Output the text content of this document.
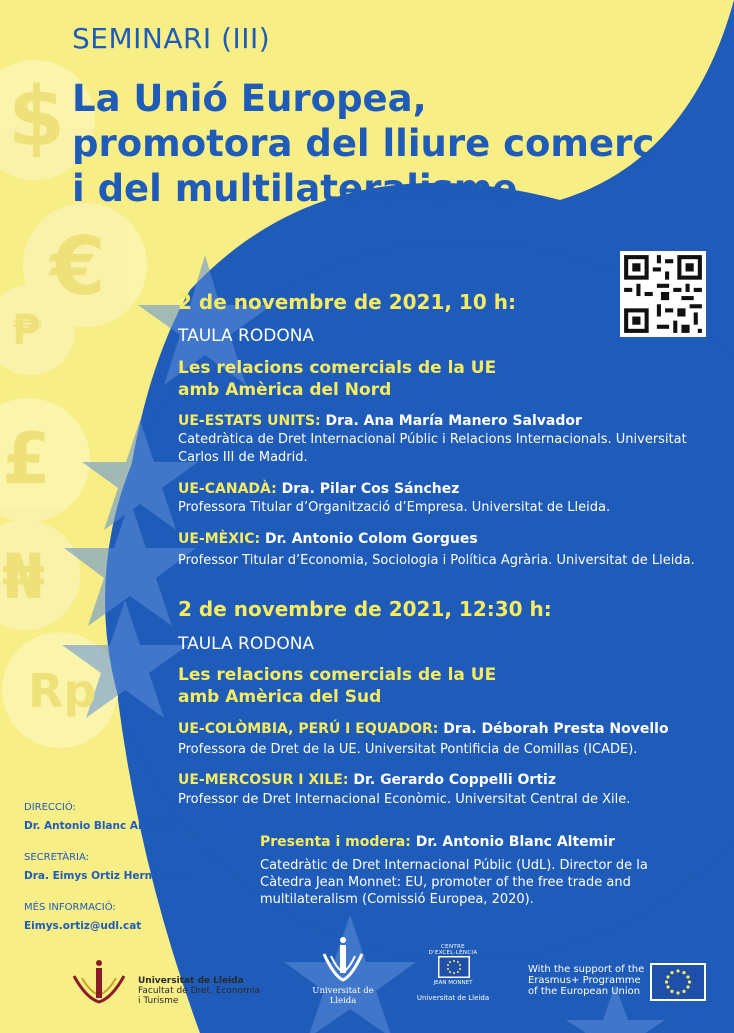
$
€
₱
£
₦
Rp
SEMINARI (III)
La Unió Europea,
promotora del lliure comerç
i del multilateralisme
2 de novembre de 2021, 10 h:
TAULA RODONA
Les relacions comercials de la UE
amb Amèrica del Nord
UE-ESTATS UNITS: Dra. Ana María Manero Salvador
Catedràtica de Dret Internacional Públic i Relacions Internacionals. Universitat Carlos III de Madrid.
UE-CANADÀ: Dra. Pilar Cos Sánchez
Professora Titular d’Organització d’Empresa. Universitat de Lleida.
UE-MÈXIC: Dr. Antonio Colom Gorgues
Professor Titular d’Economia, Sociologia i Política Agrària. Universitat de Lleida.
2 de novembre de 2021, 12:30 h:
TAULA RODONA
Les relacions comercials de la UE
amb Amèrica del Sud
UE-COLÒMBIA, PERÚ I EQUADOR: Dra. Déborah Presta Novello
Professora de Dret de la UE. Universitat Pontificia de Comillas (ICADE).
UE-MERCOSUR I XILE: Dr. Gerardo Coppelli Ortiz
Professor de Dret Internacional Econòmic. Universitat Central de Xile.
Presenta i modera: Dr. Antonio Blanc Altemir
Catedràtic de Dret Internacional Públic (UdL). Director de la Càtedra Jean Monnet: EU, promoter of the free trade and multilateralism (Comissió Europea, 2020).
DIRECCIÓ:
Dr. Antonio Blanc Altemir
SECRETÀRIA:
Dra. Eimys Ortiz Hernández
MÉS INFORMACIÓ:
Eimys.ortiz@udl.cat
Universitat de Lleida
Facultat de Dret, Economia
i Turisme
Universitat de Lleida
CENTRE D'EXCEL·LÈNCIA
JEAN MONNET
Universitat de Lleida
With the support of the
Erasmus+ Programme
of the European Union
